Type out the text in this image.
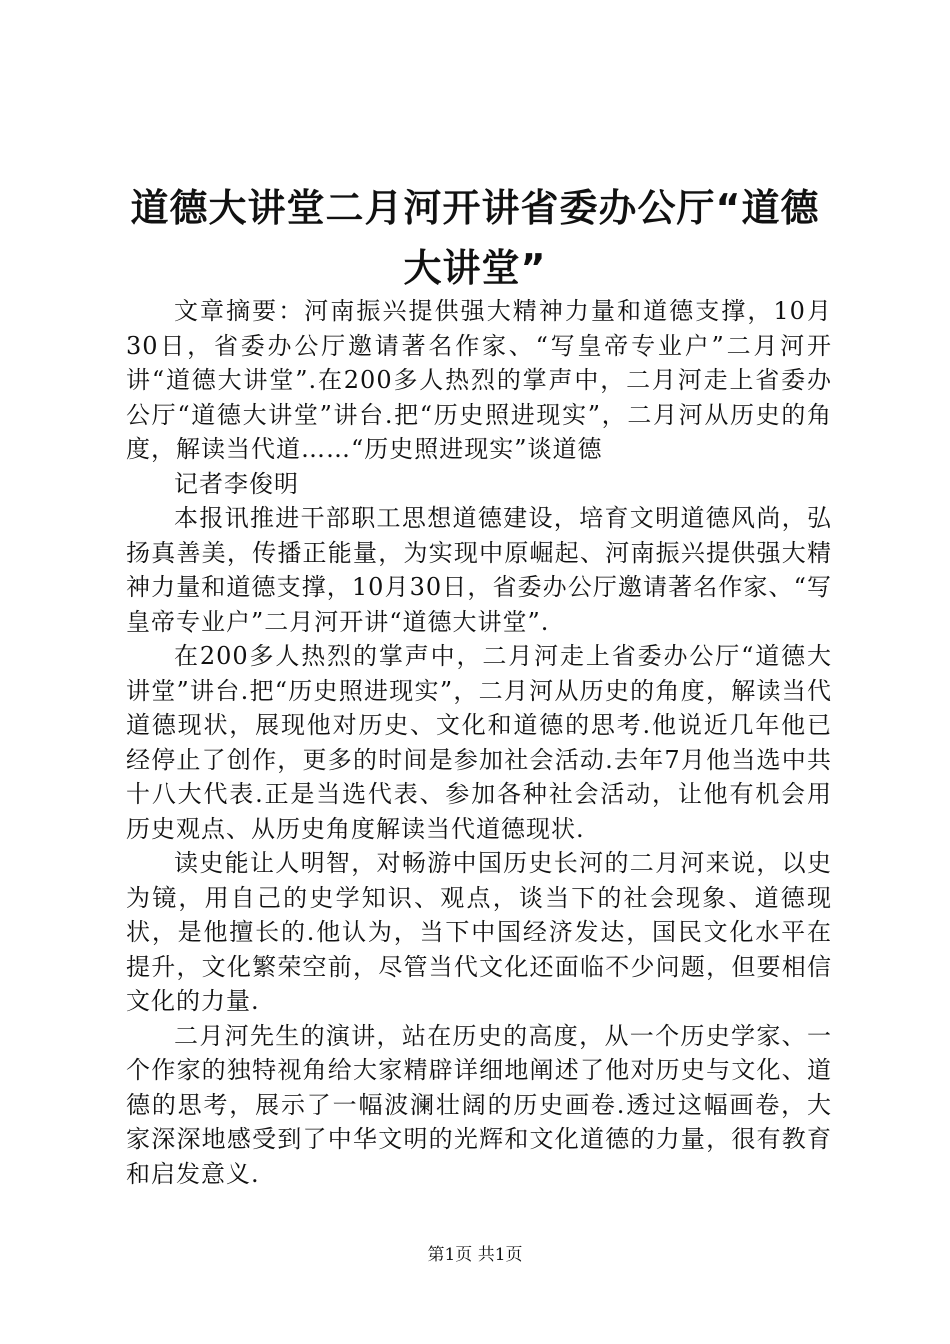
道德大讲堂二月河开讲省委办公厅“道德大讲堂”

文章摘要：河南振兴提供强大精神力量和道德支撑，10月30日，省委办公厅邀请著名作家、“写皇帝专业户”二月河开讲“道德大讲堂”.在200多人热烈的掌声中，二月河走上省委办公厅“道德大讲堂”讲台.把“历史照进现实”，二月河从历史的角度，解读当代道……“历史照进现实”谈道德

记者李俊明

本报讯推进干部职工思想道德建设，培育文明道德风尚，弘扬真善美，传播正能量，为实现中原崛起、河南振兴提供强大精神力量和道德支撑，10月30日，省委办公厅邀请著名作家、“写皇帝专业户”二月河开讲“道德大讲堂”.

在200多人热烈的掌声中，二月河走上省委办公厅“道德大讲堂”讲台.把“历史照进现实”，二月河从历史的角度，解读当代道德现状，展现他对历史、文化和道德的思考.他说近几年他已经停止了创作，更多的时间是参加社会活动.去年7月他当选中共十八大代表.正是当选代表、参加各种社会活动，让他有机会用历史观点、从历史角度解读当代道德现状.

读史能让人明智，对畅游中国历史长河的二月河来说，以史为镜，用自己的史学知识、观点，谈当下的社会现象、道德现状，是他擅长的.他认为，当下中国经济发达，国民文化水平在提升，文化繁荣空前，尽管当代文化还面临不少问题，但要相信文化的力量.

二月河先生的演讲，站在历史的高度，从一个历史学家、一个作家的独特视角给大家精辟详细地阐述了他对历史与文化、道德的思考，展示了一幅波澜壮阔的历史画卷.透过这幅画卷，大家深深地感受到了中华文明的光辉和文化道德的力量，很有教育和启发意义.

第1页 共1页
